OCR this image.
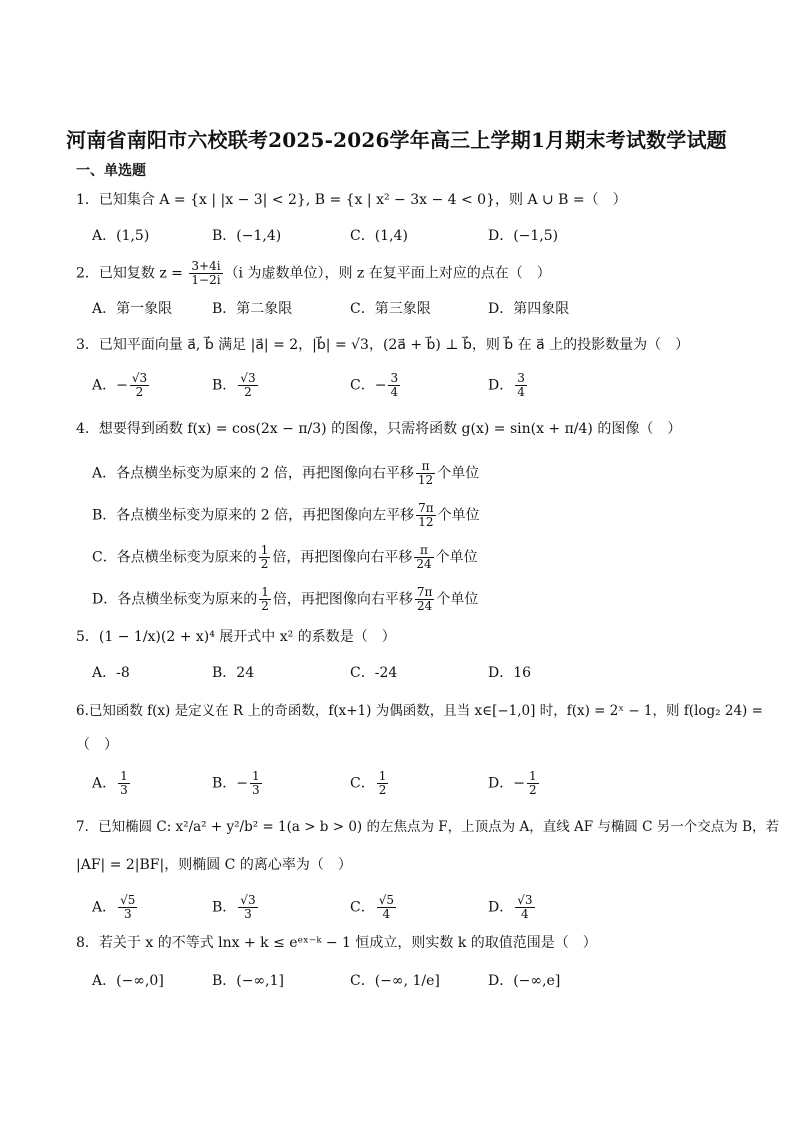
河南省南阳市六校联考2025-2026学年高三上学期1月期末考试数学试题
一、单选题
1．已知集合 A = {x | |x − 3| < 2}, B = {x | x² − 3x − 4 < 0}，则 A ∪ B =（　）
A．(1,5)	B．(−1,4)	C．(1,4)	D．(−1,5)
2．已知复数 $z = \frac{3+4i}{1-2i} (i$ 为虚数单位），则 z 在复平面上对应的点在（　）
A．第一象限	B．第二象限	C．第三象限	D．第四象限
3．已知平面向量 a⃗, b⃗ 满足 |a⃗| = 2，|b⃗| = √3，(2a⃗ + b⃗) ⊥ b⃗，则 b⃗ 在 a⃗ 上的投影数量为（　）
A．− $\frac{√3}{2}$	B． $\frac{√3}{2}$	C．− $\frac{3}{4}$	D． $\frac{3}{4}$
4．想要得到函数 f(x) = cos(2x − π/3) 的图像，只需将函数 g(x) = sin(x + π/4) 的图像（　）
A．各点横坐标变为原来的 2 倍，再把图像向右平移 $\frac{\pi}{12}$ 个单位
B．各点横坐标变为原来的 2 倍，再把图像向左平移 $\frac{7\pi}{12}$ 个单位
C．各点横坐标变为原来的 $\frac{1}{2}$ 倍，再把图像向右平移 $\frac{\pi}{24}$ 个单位
D．各点横坐标变为原来的 $\frac{1}{2}$ 倍，再把图像向右平移 $\frac{7\pi}{24}$ 个单位
5．(1 − 1/x)(2 + x)⁴ 展开式中 x² 的系数是（　）
A．-8	B．24	C．-24	D．16
6.已知函数 f(x) 是定义在 R 上的奇函数，f(x+1) 为偶函数，且当 x∈[−1,0] 时，f(x) = 2ˣ − 1，则 f(log₂ 24) =
（　）
A． $\frac{1}{3}$	B．− $\frac{1}{3}$	C． $\frac{1}{2}$	D．− $\frac{1}{2}$
7．已知椭圆 C: x²/a² + y²/b² = 1(a > b > 0) 的左焦点为 F，上顶点为 A，直线 AF 与椭圆 C 另一个交点为 B，若
|AF| = 2|BF|，则椭圆 C 的离心率为（　）
A． $\frac{√5}{3}$	B． $\frac{√3}{3}$	C． $\frac{√5}{4}$	D． $\frac{√3}{4}$
8．若关于 x 的不等式 lnx + k ≤ eᵉˣ⁻ᵏ − 1 恒成立，则实数 k 的取值范围是（　）
A．(−∞,0]	B．(−∞,1]	C．(−∞, 1/e]	D．(−∞,e]
